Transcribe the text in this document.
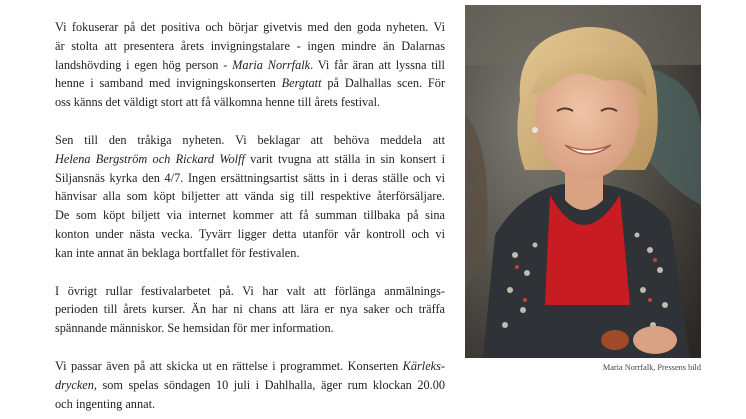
Vi fokuserar på det positiva och börjar givetvis med den goda nyheten. Vi
är stolta att presentera årets invigningstalare - ingen mindre än Dalarnas
landshövding i egen hög person - Maria Norrfalk. Vi får äran att lyssna till
henne i samband med invigningskonserten Bergtatt på Dalhallas scen. För
oss känns det väldigt stort att få välkomna henne till årets festival.
Sen till den tråkiga nyheten. Vi beklagar att behöva meddela att
Helena Bergström och Rickard Wolff varit tvugna att ställa in sin konsert i
Siljansnäs kyrka den 4/7. Ingen ersättningsartist sätts in i deras ställe och vi
hänvisar alla som köpt biljetter att vända sig till respektive återförsäljare.
De som köpt biljett via internet kommer att få summan tillbaka på sina
konton under nästa vecka. Tyvärr ligger detta utanför vår kontroll och vi
kan inte annat än beklaga bortfallet för festivalen.
I övrigt rullar festivalarbetet på. Vi har valt att förlänga anmälnings-
perioden till årets kurser. Än har ni chans att lära er nya saker och träffa
spännande människor. Se hemsidan för mer information.
Vi passar även på att skicka ut en rättelse i programmet. Konserten Kärleks-
drycken, som spelas söndagen 10 juli i Dahlhalla, äger rum klockan 20.00
och ingenting annat.
Maria Norrfalk, Pressens bild
